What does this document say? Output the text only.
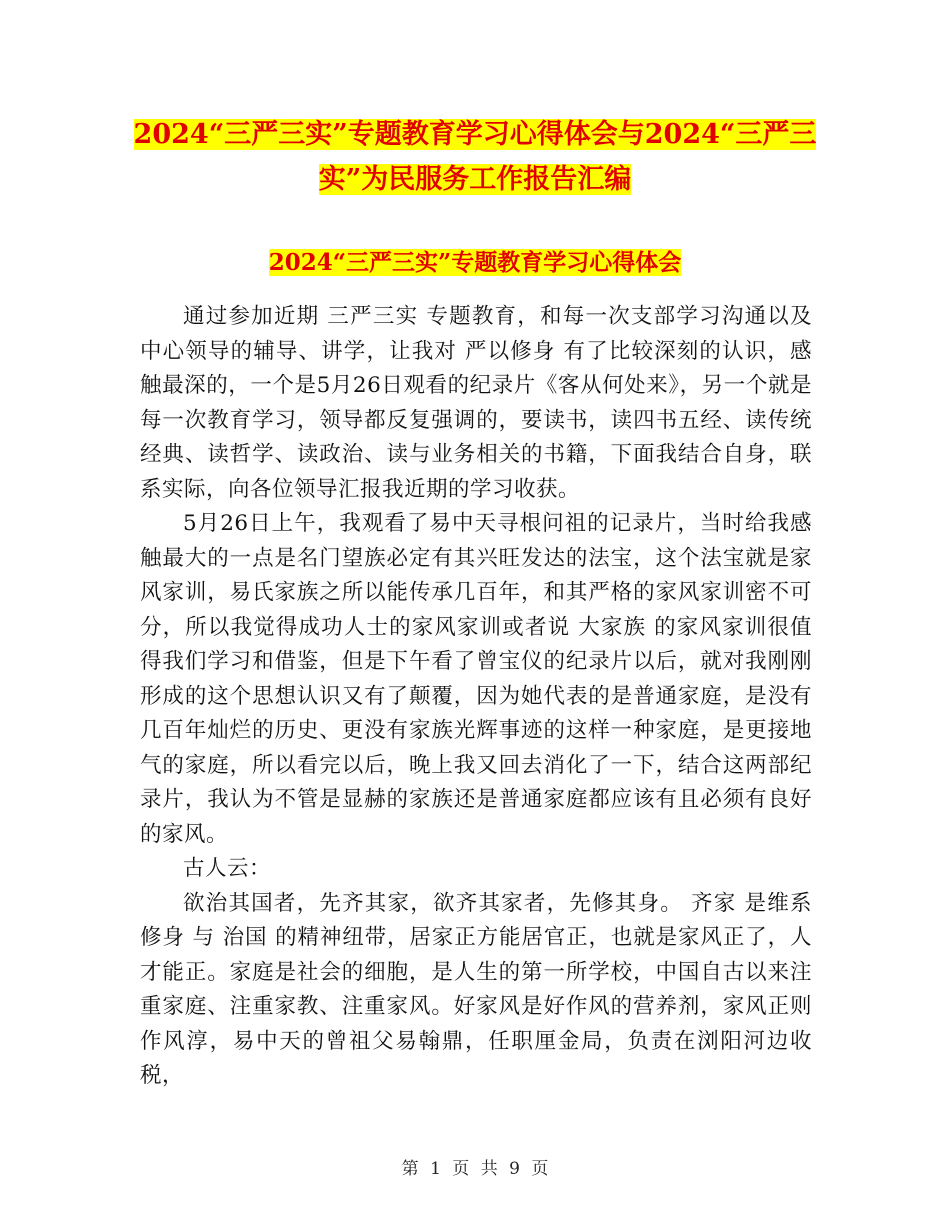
2024“三严三实”专题教育学习心得体会与2024“三严三实”为民服务工作报告汇编
2024“三严三实”专题教育学习心得体会

通过参加近期 三严三实 专题教育，和每一次支部学习沟通以及中心领导的辅导、讲学，让我对 严以修身 有了比较深刻的认识，感触最深的，一个是5月26日观看的纪录片《客从何处来》，另一个就是每一次教育学习，领导都反复强调的，要读书，读四书五经、读传统经典、读哲学、读政治、读与业务相关的书籍，下面我结合自身，联系实际，向各位领导汇报我近期的学习收获。

5月26日上午，我观看了易中天寻根问祖的记录片，当时给我感触最大的一点是名门望族必定有其兴旺发达的法宝，这个法宝就是家风家训，易氏家族之所以能传承几百年，和其严格的家风家训密不可分，所以我觉得成功人士的家风家训或者说 大家族 的家风家训很值得我们学习和借鉴，但是下午看了曾宝仪的纪录片以后，就对我刚刚形成的这个思想认识又有了颠覆，因为她代表的是普通家庭，是没有几百年灿烂的历史、更没有家族光辉事迹的这样一种家庭，是更接地气的家庭，所以看完以后，晚上我又回去消化了一下，结合这两部纪录片，我认为不管是显赫的家族还是普通家庭都应该有且必须有良好的家风。

古人云：

欲治其国者，先齐其家，欲齐其家者，先修其身。 齐家 是维系 修身 与 治国 的精神纽带，居家正方能居官正，也就是家风正了，人才能正。家庭是社会的细胞，是人生的第一所学校，中国自古以来注重家庭、注重家教、注重家风。好家风是好作风的营养剂，家风正则作风淳，易中天的曾祖父易翰鼎，任职厘金局，负责在浏阳河边收税，

第 1 页 共 9 页
